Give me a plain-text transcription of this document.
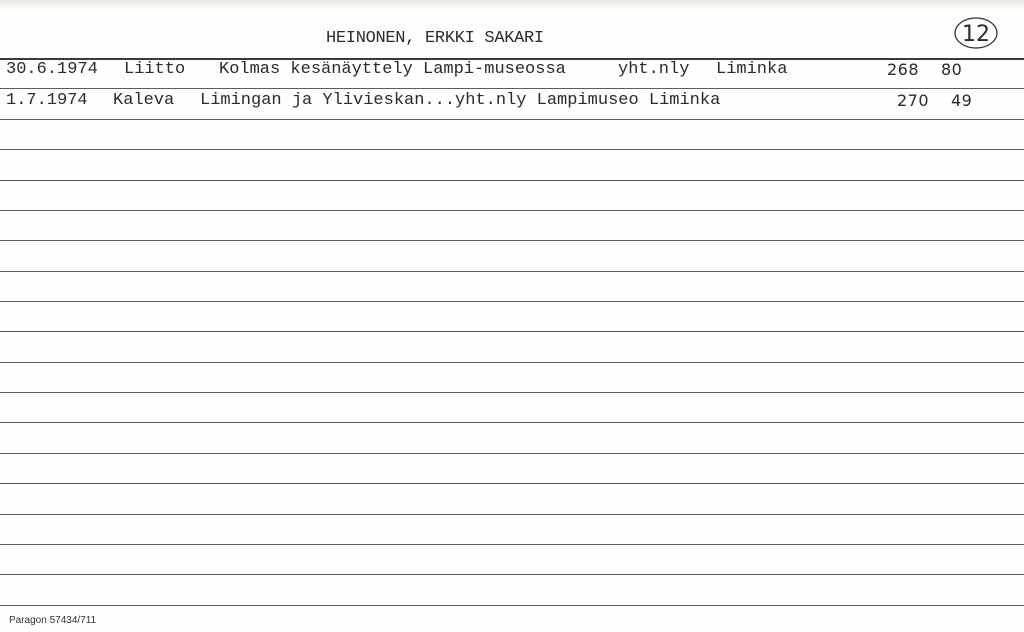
HEINONEN, ERKKI SAKARI	12
30.6.1974 Liitto Kolmas kesänäyttely Lampi-museossa	yht.nly Liminka	268 80
1.7.1974 Kaleva Limingan ja Ylivieskan...yht.nly Lampimuseo Liminka	270 49
Paragon 57434/711
